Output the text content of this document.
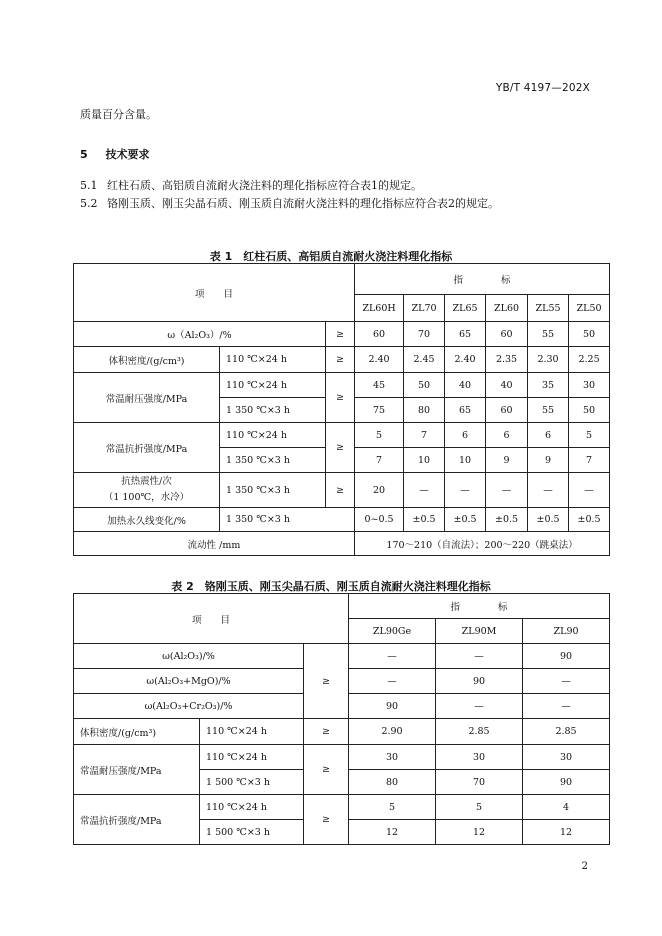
YB/T 4197—202X
质量百分含量。
5 技术要求
5.1 红柱石质、高铝质自流耐火浇注料的理化指标应符合表1的规定。
5.2 铬刚玉质、刚玉尖晶石质、刚玉质自流耐火浇注料的理化指标应符合表2的规定。
表 1　红柱石质、高铝质自流耐火浇注料理化指标
项　　目			指　　　　标					
			ZL60H	ZL70	ZL65	ZL60	ZL55	ZL50
ω（Al₂O₃）/%		≥	60	70	65	60	55	50
体积密度/(g/cm³)	110 ℃×24 h	≥	2.40	2.45	2.40	2.35	2.30	2.25
常温耐压强度/MPa	110 ℃×24 h	≥	45	50	40	40	35	30
	1 350 ℃×3 h		75	80	65	60	55	50
常温抗折强度/MPa	110 ℃×24 h	≥	5	7	6	6	6	5
	1 350 ℃×3 h		7	10	10	9	9	7

抗热震性/次
（1 100℃，水冷）	1 350 ℃×3 h	≥	20	—	—	—	—	—
加热永久线变化/%	1 350 ℃×3 h		0~0.5	±0.5	±0.5	±0.5	±0.5	±0.5
流动性 /mm			170～210（自流法）；200～220（跳桌法）					
表 2　铬刚玉质、刚玉尖晶石质、刚玉质自流耐火浇注料理化指标
项　　目			指　　　　标		
			ZL90Ge	ZL90M	ZL90
ω(Al₂O₃)/%		≥	—	—	90
ω(Al₂O₃+MgO)/%			—	90	—
ω(Al₂O₃+Cr₂O₃)/%			90	—	—
体积密度/(g/cm³)	110 ℃×24 h	≥	2.90	2.85	2.85
常温耐压强度/MPa	110 ℃×24 h	≥	30	30	30
	1 500 ℃×3 h		80	70	90
常温抗折强度/MPa	110 ℃×24 h	≥	5	5	4
	1 500 ℃×3 h		12	12	12
2
